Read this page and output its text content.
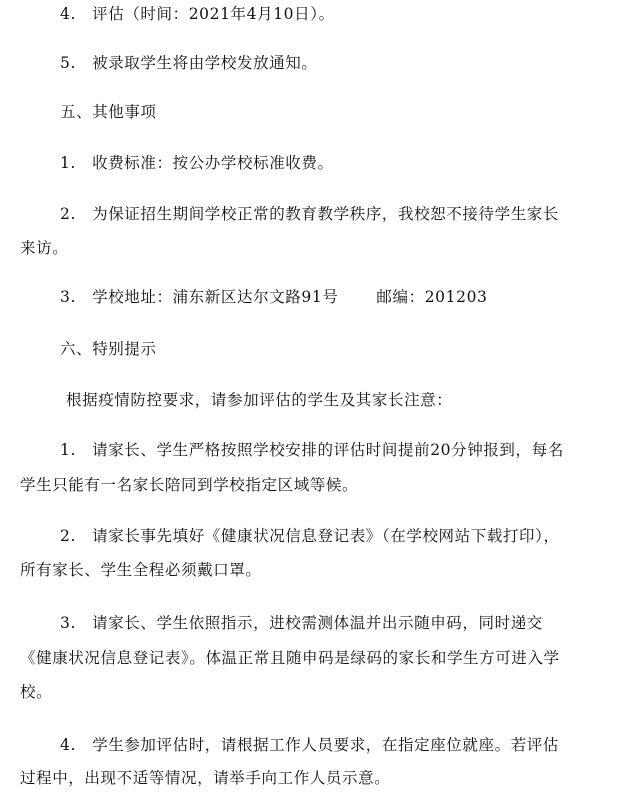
4.　评估（时间：2021年4月10日）。
5.　被录取学生将由学校发放通知。
五、其他事项
1.　收费标准：按公办学校标准收费。
2.　为保证招生期间学校正常的教育教学秩序，我校恕不接待学生家长
来访。
3.　学校地址：浦东新区达尔文路91号 邮编：201203
六、特别提示
根据疫情防控要求，请参加评估的学生及其家长注意：
1.　请家长、学生严格按照学校安排的评估时间提前20分钟报到，每名
学生只能有一名家长陪同到学校指定区域等候。
2.　请家长事先填好《健康状况信息登记表》（在学校网站下载打印），
所有家长、学生全程必须戴口罩。
3.　请家长、学生依照指示，进校需测体温并出示随申码，同时递交
《健康状况信息登记表》。体温正常且随申码是绿码的家长和学生方可进入学
校。
4.　学生参加评估时，请根据工作人员要求，在指定座位就座。若评估
过程中，出现不适等情况，请举手向工作人员示意。
